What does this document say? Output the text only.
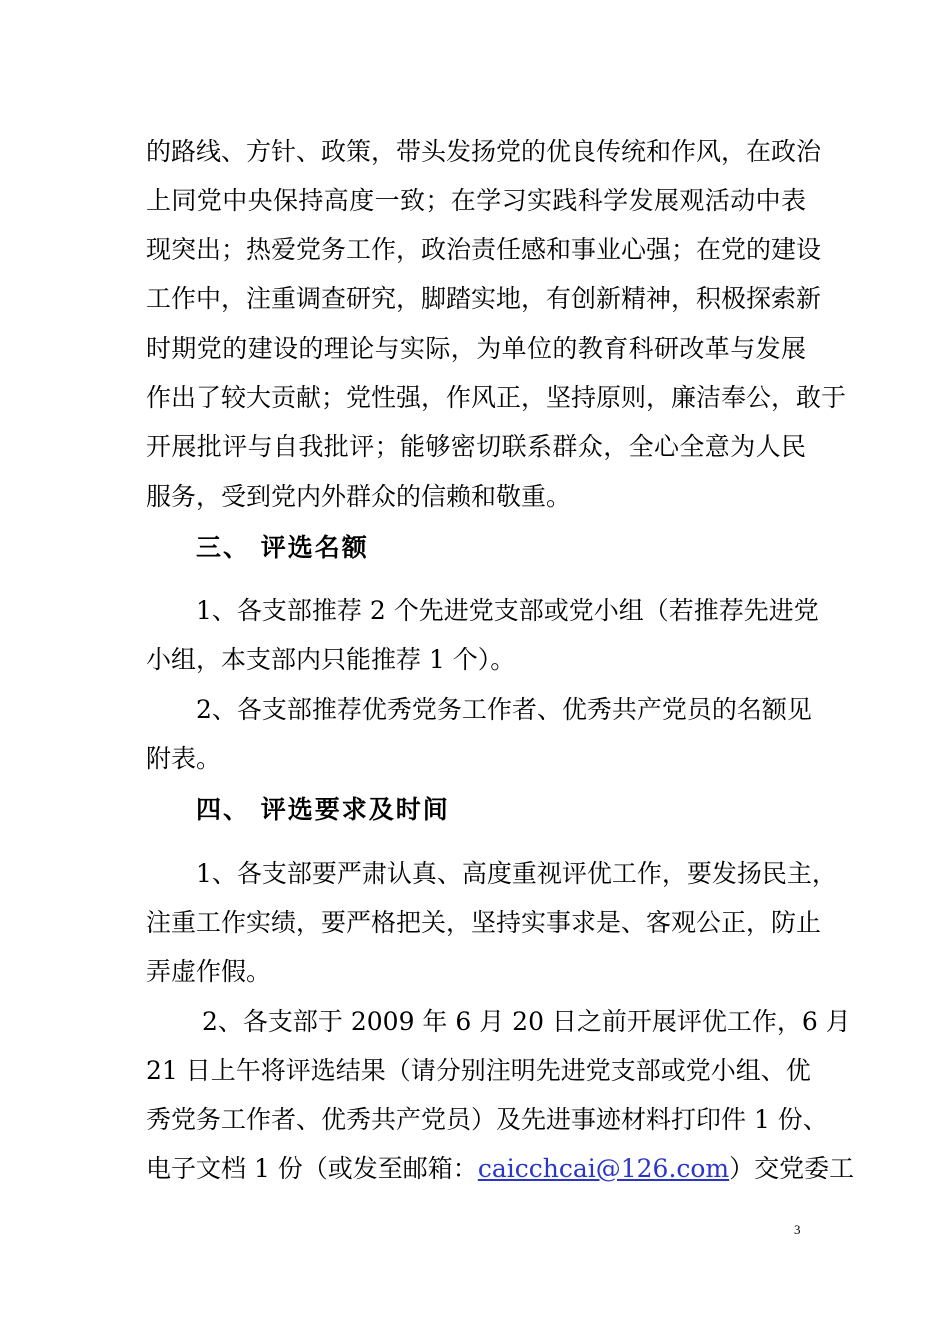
的路线、方针、政策，带头发扬党的优良传统和作风，在政治
上同党中央保持高度一致；在学习实践科学发展观活动中表
现突出；热爱党务工作，政治责任感和事业心强；在党的建设
工作中，注重调查研究，脚踏实地，有创新精神，积极探索新
时期党的建设的理论与实际，为单位的教育科研改革与发展
作出了较大贡献；党性强，作风正，坚持原则，廉洁奉公，敢于
开展批评与自我批评；能够密切联系群众，全心全意为人民
服务，受到党内外群众的信赖和敬重。
三、 评选名额
1、各支部推荐 2 个先进党支部或党小组（若推荐先进党
小组，本支部内只能推荐 1 个）。
2、各支部推荐优秀党务工作者、优秀共产党员的名额见
附表。
四、 评选要求及时间
1、各支部要严肃认真、高度重视评优工作，要发扬民主，
注重工作实绩，要严格把关，坚持实事求是、客观公正，防止
弄虚作假。
2、各支部于 2009 年 6 月 20 日之前开展评优工作，6 月
21 日上午将评选结果（请分别注明先进党支部或党小组、优
秀党务工作者、优秀共产党员）及先进事迹材料打印件 1 份、
电子文档 1 份（或发至邮箱：caicchcai@126.com）交党委工
3
